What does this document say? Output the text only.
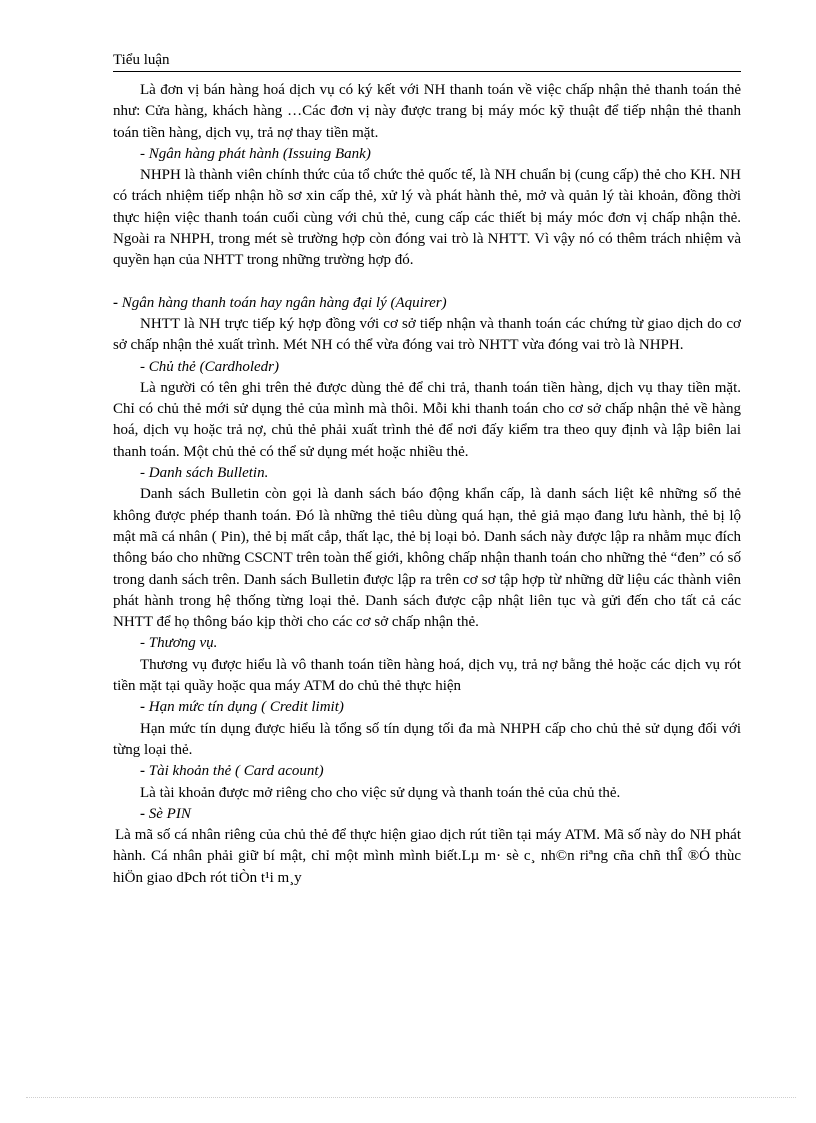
Tiểu luận

Là đơn vị bán hàng hoá dịch vụ có ký kết với NH thanh toán về việc chấp nhận thẻ thanh toán thẻ như: Cửa hàng, khách hàng …Các đơn vị này được trang bị máy móc kỹ thuật để tiếp nhận thẻ thanh toán tiền hàng, dịch vụ, trả nợ thay tiền mặt.

- Ngân hàng phát hành (Issuing Bank)

NHPH là thành viên chính thức của tổ chức thẻ quốc tế, là NH chuẩn bị (cung cấp) thẻ cho KH. NH có trách nhiệm tiếp nhận hồ sơ xin cấp thẻ, xử lý và phát hành thẻ, mở và quản lý tài khoản, đồng thời thực hiện việc thanh toán cuối cùng với chủ thẻ, cung cấp các thiết bị máy móc đơn vị chấp nhận thẻ. Ngoài ra NHPH, trong mét sè trường hợp còn đóng vai trò là NHTT. Vì vậy nó có thêm trách nhiệm và quyền hạn của NHTT trong những trường hợp đó.

- Ngân hàng thanh toán hay ngân hàng đại lý (Aquirer)

NHTT là NH trực tiếp ký hợp đồng với cơ sở tiếp nhận và thanh toán các chứng từ giao dịch do cơ sở chấp nhận thẻ xuất trình. Mét NH có thể vừa đóng vai trò NHTT vừa đóng vai trò là NHPH.

- Chủ thẻ (Cardholedr)

Là người có tên ghi trên thẻ được dùng thẻ để chi trả, thanh toán tiền hàng, dịch vụ thay tiền mặt. Chỉ có chủ thẻ mới sử dụng thẻ của mình mà thôi. Mỗi khi thanh toán cho cơ sở chấp nhận thẻ về hàng hoá, dịch vụ hoặc trả nợ, chủ thẻ phải xuất trình thẻ để nơi đấy kiểm tra theo quy định và lập biên lai thanh toán. Một chủ thẻ có thể sử dụng mét hoặc nhiều thẻ.

- Danh sách Bulletin.

Danh sách Bulletin còn gọi là danh sách báo động khẩn cấp, là danh sách liệt kê những số thẻ không được phép thanh toán. Đó là những thẻ tiêu dùng quá hạn, thẻ giả mạo đang lưu hành, thẻ bị lộ mật mã cá nhân ( Pin), thẻ bị mất cắp, thất lạc, thẻ bị loại bỏ. Danh sách này được lập ra nhằm mục đích thông báo cho những CSCNT trên toàn thế giới, không chấp nhận thanh toán cho những thẻ “đen” có số trong danh sách trên. Danh sách Bulletin được lập ra trên cơ sơ tập hợp từ những dữ liệu các thành viên phát hành trong hệ thống từng loại thẻ. Danh sách được cập nhật liên tục và gửi đến cho tất cả các NHTT để họ thông báo kịp thời cho các cơ sở chấp nhận thẻ.

- Thương vụ.

Thương vụ được hiểu là vô thanh toán tiền hàng hoá, dịch vụ, trả nợ bằng thẻ hoặc các dịch vụ rót tiền mặt tại quầy hoặc qua máy ATM do chủ thẻ thực hiện

- Hạn mức tín dụng ( Credit limit)

Hạn mức tín dụng được hiểu là tổng số tín dụng tối đa mà NHPH cấp cho chủ thẻ sử dụng đối với từng loại thẻ.

- Tài khoản thẻ ( Card acount)

Là tài khoản được mở riêng cho cho việc sử dụng và thanh toán thẻ của chủ thẻ.

- Sè PIN

Là mã số cá nhân riêng của chủ thẻ để thực hiện giao dịch rút tiền tại máy ATM. Mã số này do NH phát hành. Cá nhân phải giữ bí mật, chỉ một mình mình biết.Lµ m· sè c¸ nh©n riªng cña chñ thÎ ®Ó thùc hiÖn giao dÞch rót tiÒn t¹i m¸y
